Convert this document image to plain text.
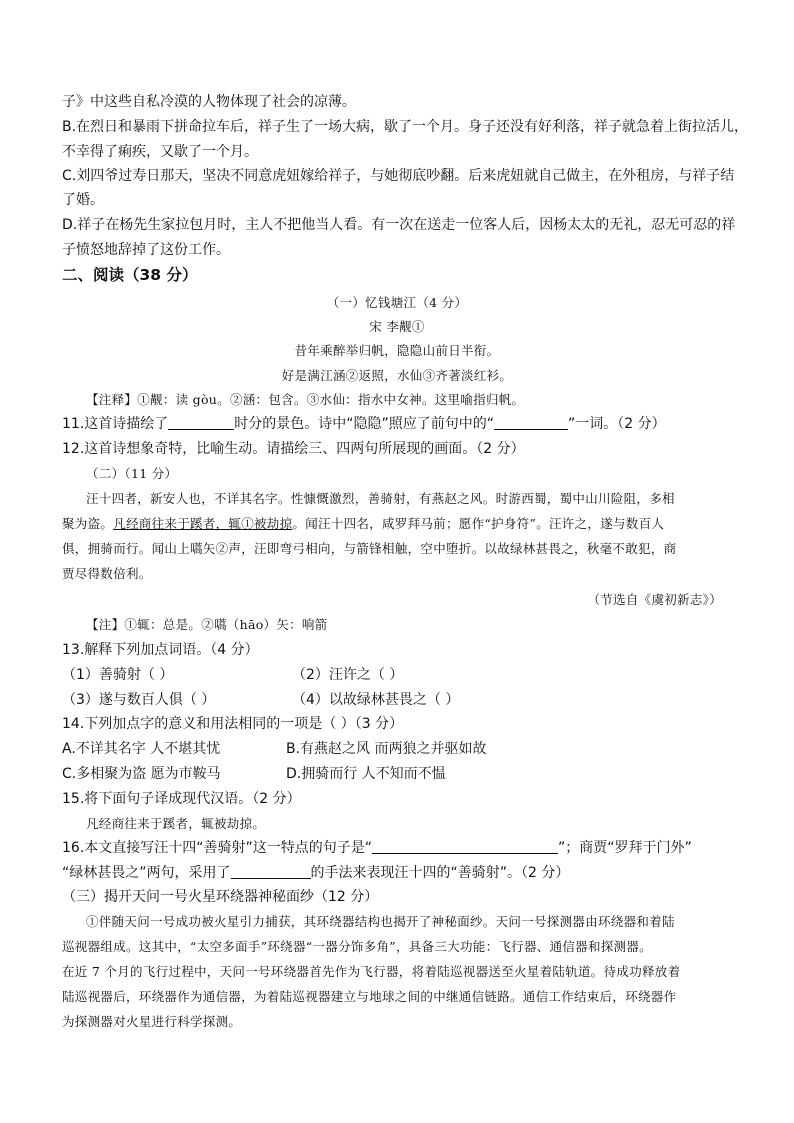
子》中这些自私冷漠的人物体现了社会的凉薄。
B.在烈日和暴雨下拼命拉车后，祥子生了一场大病，歇了一个月。身子还没有好利落，祥子就急着上街拉活儿，
不幸得了痢疾，又歇了一个月。
C.刘四爷过寿日那天，坚决不同意虎妞嫁给祥子，与她彻底吵翻。后来虎妞就自己做主，在外租房，与祥子结
了婚。
D.祥子在杨先生家拉包月时，主人不把他当人看。有一次在送走一位客人后，因杨太太的无礼，忍无可忍的祥
子愤怒地辞掉了这份工作。
二、阅读（38 分）
（一）忆钱塘江（4 分）
宋 李觏①
昔年乘醉举归帆，隐隐山前日半衔。
好是满江涵②返照，水仙③齐著淡红衫。
【注释】①觏：读 gòu。②涵：包含。③水仙：指水中女神。这里喻指归帆。
11.这首诗描绘了	时分的景色。诗中“隐隐”照应了前句中的“	”一词。（2 分）
12.这首诗想象奇特，比喻生动。请描绘三、四两句所展现的画面。（2 分）
（二）（11 分）
汪十四者，新安人也，不详其名字。性慷慨激烈，善骑射，有燕赵之风。时游西蜀，蜀中山川险阻，多相
聚为盗。凡经商往来于蹊者，辄①被劫掠。闻汪十四名，咸罗拜马前；愿作“护身符”。汪许之，遂与数百人
俱，拥骑而行。闻山上嚆矢②声，汪即弯弓相向，与箭锋相触，空中堕折。以故绿林甚畏之，秋毫不敢犯，商
贾尽得数倍利。
（节选自《虞初新志》）
【注】①辄：总是。②嚆（hāo）矢：响箭
13.解释下列加点词语。（4 分）
（1）善骑射（ ）	（2）汪许之（ ）
（3）遂与数百人俱（ ）	（4）以故绿林甚畏之（ ）
14.下列加点字的意义和用法相同的一项是（ ）（3 分）
A.不详其名字 人不堪其忧	B.有燕赵之风 而两狼之并驱如故
C.多相聚为盗 愿为市鞍马	D.拥骑而行 人不知而不愠
15.将下面句子译成现代汉语。（2 分）
凡经商往来于蹊者，辄被劫掠。
16.本文直接写汪十四“善骑射”这一特点的句子是“	”；商贾“罗拜于门外”
“绿林甚畏之”两句，采用了	的手法来表现汪十四的“善骑射”。（2 分）
（三）揭开天问一号火星环绕器神秘面纱（12 分）
①伴随天问一号成功被火星引力捕获，其环绕器结构也揭开了神秘面纱。天问一号探测器由环绕器和着陆
巡视器组成。这其中，“太空多面手”环绕器“一器分饰多角”，具备三大功能：飞行器、通信器和探测器。
在近 7 个月的飞行过程中，天问一号环绕器首先作为飞行器，将着陆巡视器送至火星着陆轨道。待成功释放着
陆巡视器后，环绕器作为通信器，为着陆巡视器建立与地球之间的中继通信链路。通信工作结束后，环绕器作
为探测器对火星进行科学探测。
